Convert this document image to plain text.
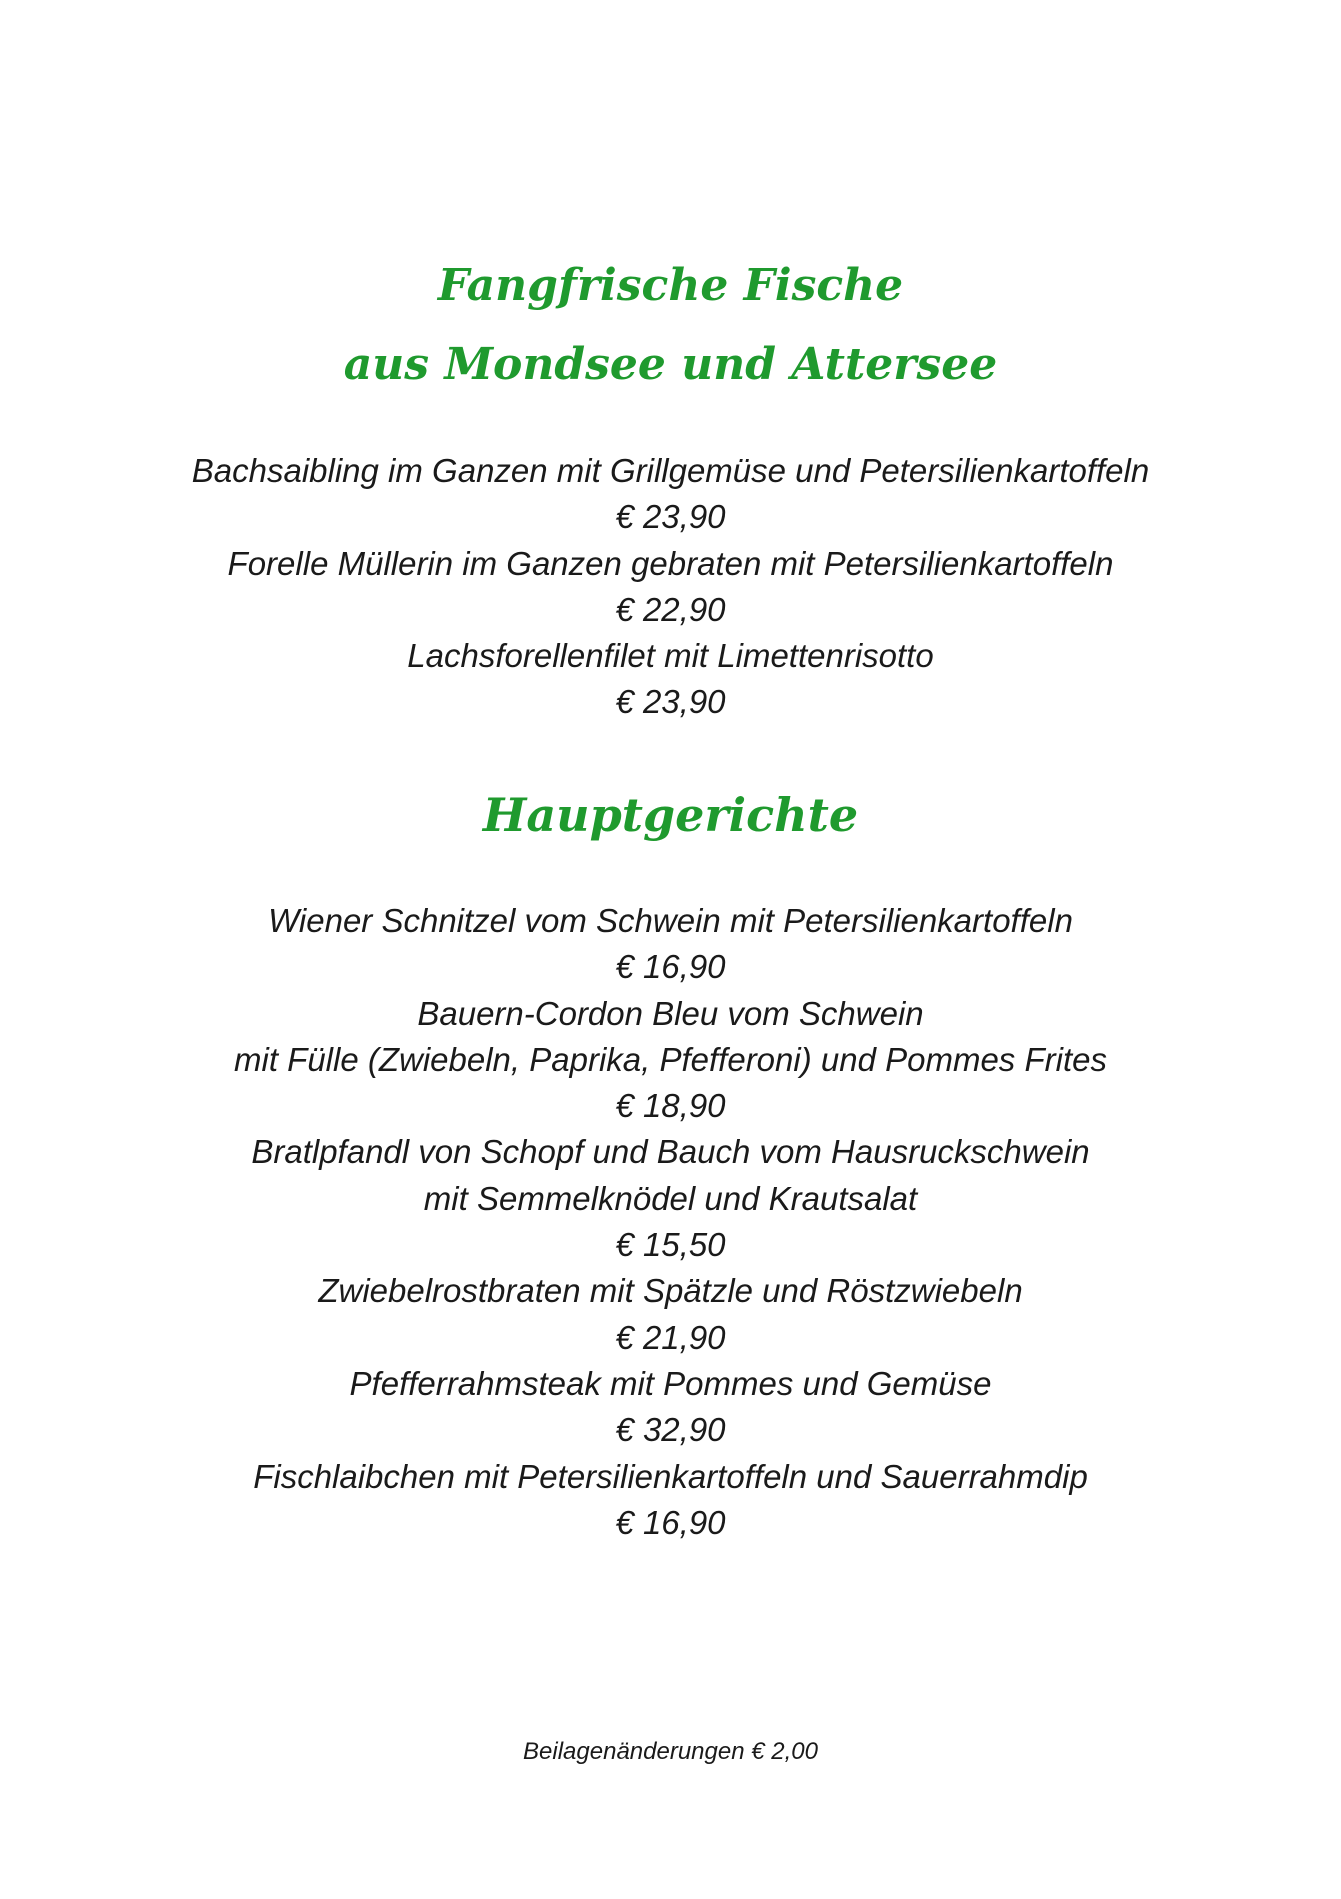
Fangfrische Fische
aus Mondsee und Attersee
Bachsaibling im Ganzen mit Grillgemüse und Petersilienkartoffeln
€ 23,90
Forelle Müllerin im Ganzen gebraten mit Petersilienkartoffeln
€ 22,90
Lachsforellenfilet mit Limettenrisotto
€ 23,90
Hauptgerichte
Wiener Schnitzel vom Schwein mit Petersilienkartoffeln
€ 16,90
Bauern-Cordon Bleu vom Schwein
mit Fülle (Zwiebeln, Paprika, Pfefferoni) und Pommes Frites
€ 18,90
Bratlpfandl von Schopf und Bauch vom Hausruckschwein
mit Semmelknödel und Krautsalat
€ 15,50
Zwiebelrostbraten mit Spätzle und Röstzwiebeln
€ 21,90
Pfefferrahmsteak mit Pommes und Gemüse
€ 32,90
Fischlaibchen mit Petersilienkartoffeln und Sauerrahmdip
€ 16,90
Beilagenänderungen € 2,00
